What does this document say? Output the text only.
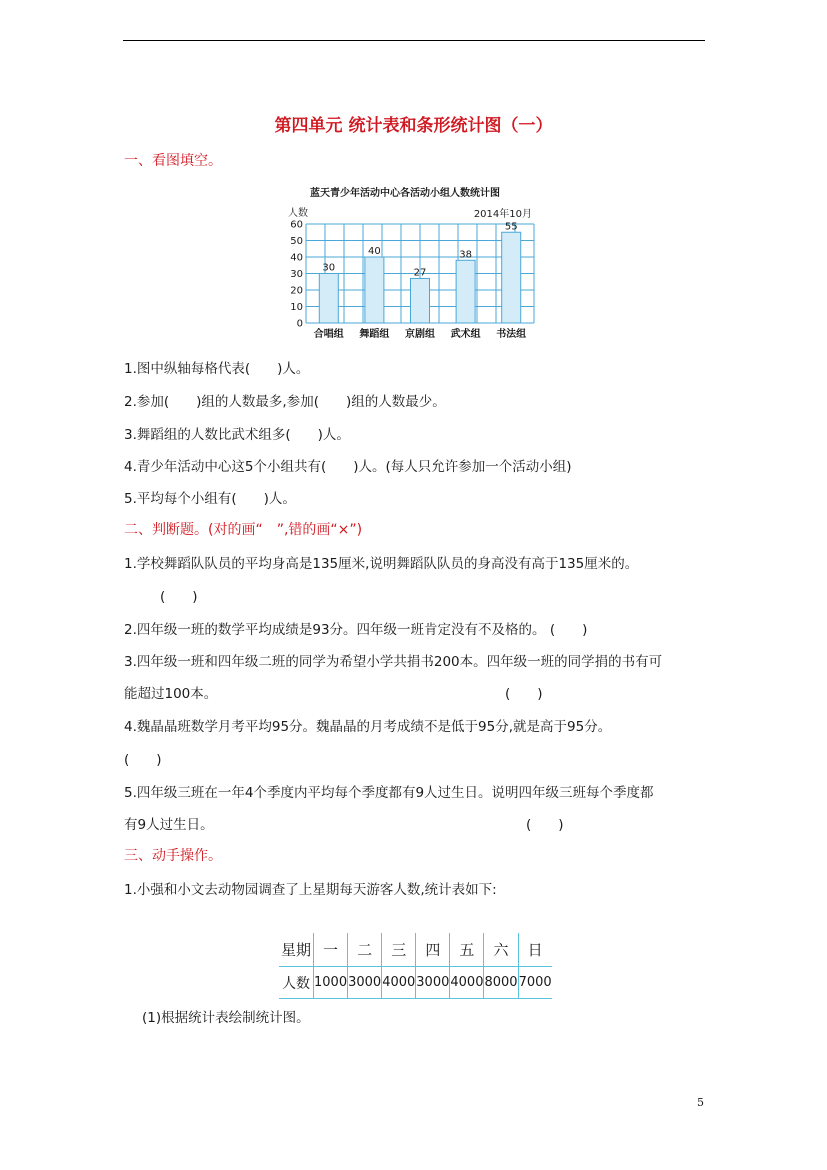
第四单元 统计表和条形统计图（一）
一、看图填空。
蓝天青少年活动中心各活动小组人数统计图
人数	2014年10月
0
10
20
30
40
50
60
30
40
27
38
55
合唱组 舞蹈组 京剧组 武术组 书法组
1.图中纵轴每格代表(　　)人。
2.参加(　　)组的人数最多,参加(　　)组的人数最少。
3.舞蹈组的人数比武术组多(　　)人。
4.青少年活动中心这5个小组共有(　　)人。(每人只允许参加一个活动小组)
5.平均每个小组有(　　)人。
二、判断题。(对的画“　”,错的画“×”)
1.学校舞蹈队队员的平均身高是135厘米,说明舞蹈队队员的身高没有高于135厘米的。
(　　)
2.四年级一班的数学平均成绩是93分。四年级一班肯定没有不及格的。 (　　)
3.四年级一班和四年级二班的同学为希望小学共捐书200本。四年级一班的同学捐的书有可
能超过100本。	(　　)
4.魏晶晶班数学月考平均95分。魏晶晶的月考成绩不是低于95分,就是高于95分。
(　　)
5.四年级三班在一年4个季度内平均每个季度都有9人过生日。说明四年级三班每个季度都
有9人过生日。	(　　)
三、动手操作。
1.小强和小文去动物园调查了上星期每天游客人数,统计表如下:
星期	一	二	三	四	五	六	日
人数	1000	3000	4000	3000	4000	8000	7000
(1)根据统计表绘制统计图。
5
